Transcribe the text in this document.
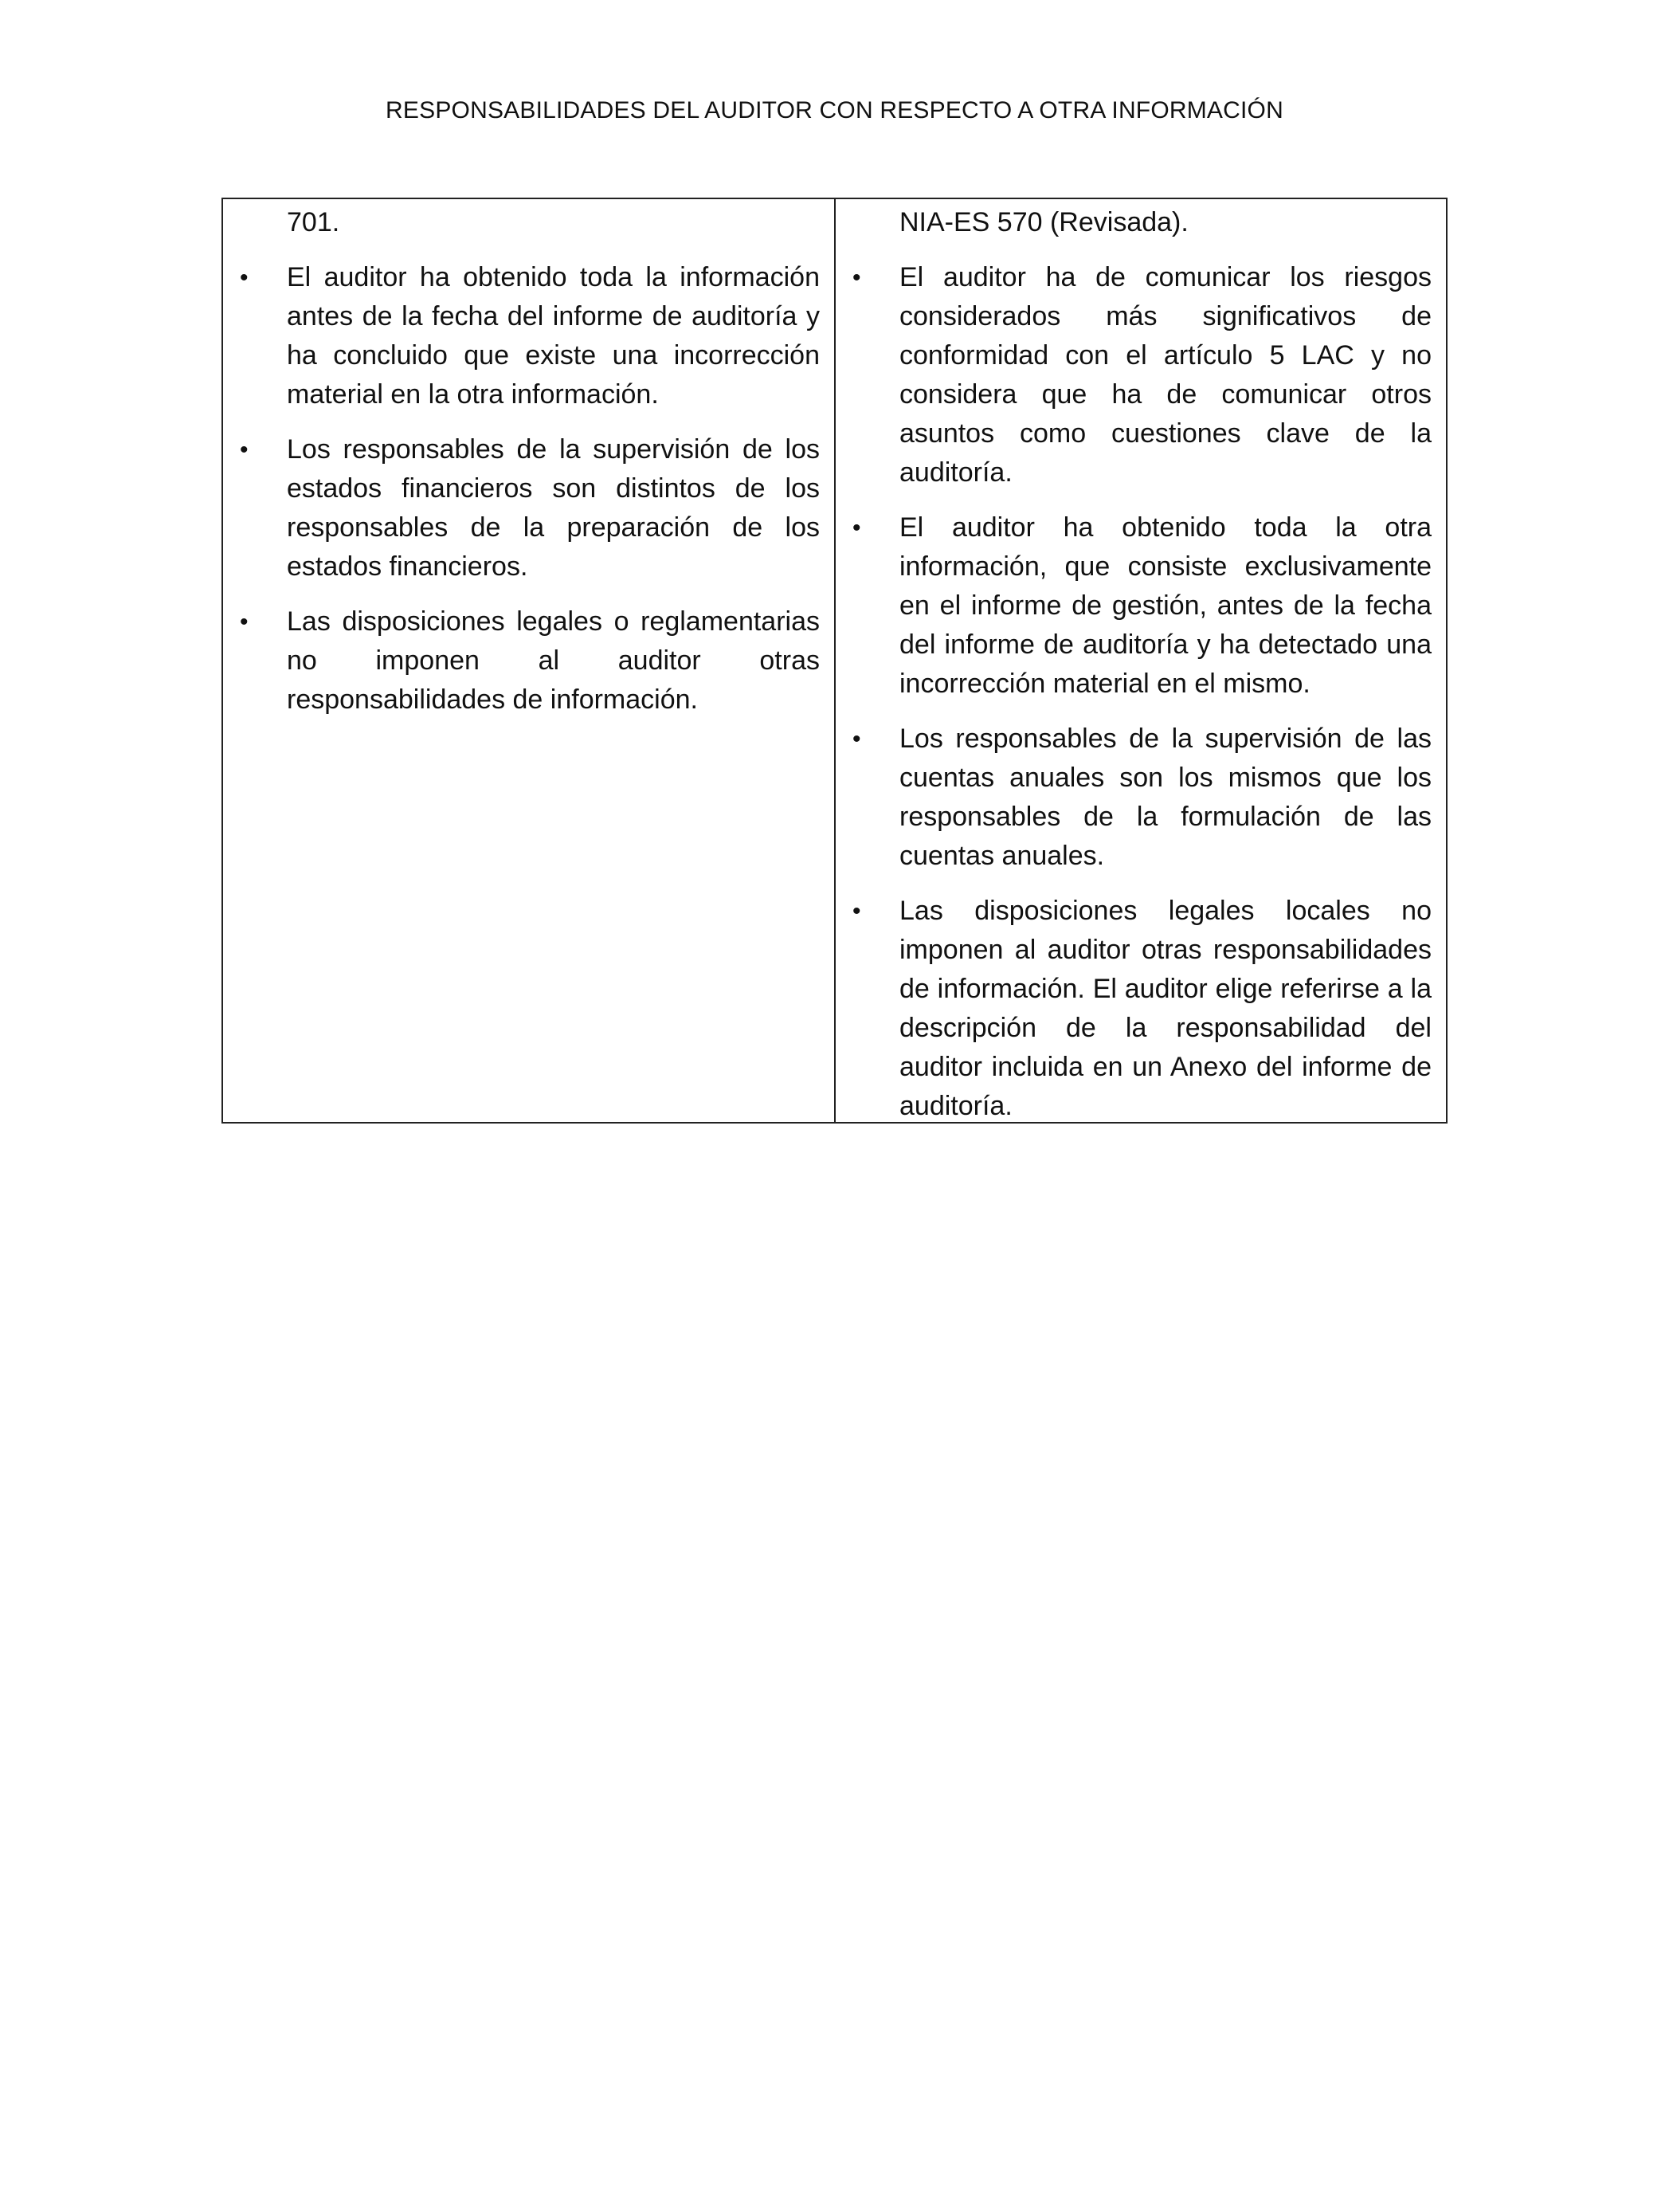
RESPONSABILIDADES DEL AUDITOR CON RESPECTO A OTRA INFORMACIÓN

701.

• El auditor ha obtenido toda la información antes de la fecha del informe de auditoría y ha concluido que existe una incorrección material en la otra información.
• Los responsables de la supervisión de los estados financieros son distintos de los responsables de la preparación de los estados financieros.
• Las disposiciones legales o reglamentarias no imponen al auditor otras responsabilidades de información.

NIA-ES 570 (Revisada).

• El auditor ha de comunicar los riesgos considerados más significativos de conformidad con el artículo 5 LAC y no considera que ha de comunicar otros asuntos como cuestiones clave de la auditoría.
• El auditor ha obtenido toda la otra información, que consiste exclusivamente en el informe de gestión, antes de la fecha del informe de auditoría y ha detectado una incorrección material en el mismo.
• Los responsables de la supervisión de las cuentas anuales son los mismos que los responsables de la formulación de las cuentas anuales.
• Las disposiciones legales locales no imponen al auditor otras responsabilidades de información. El auditor elige referirse a la descripción de la responsabilidad del auditor incluida en un Anexo del informe de auditoría.
